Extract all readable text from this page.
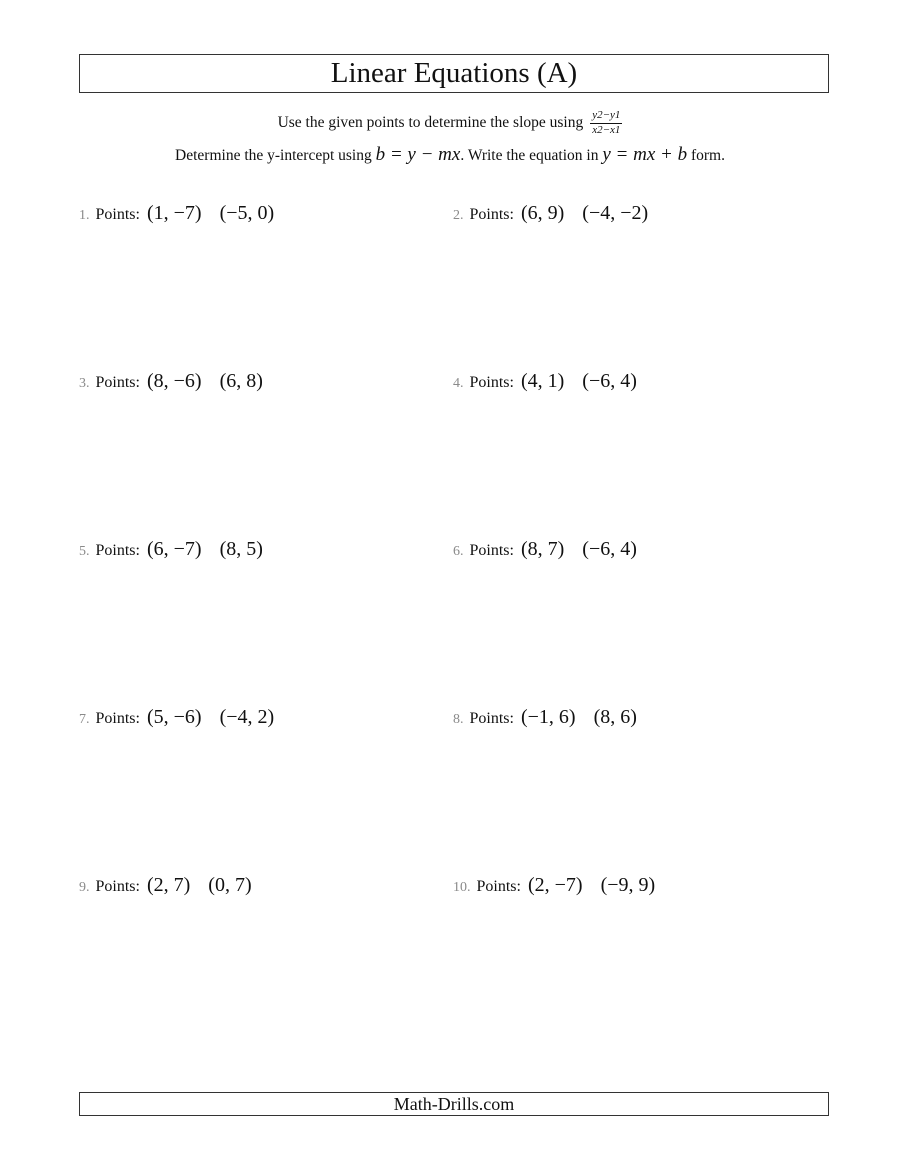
Linear Equations (A)
Use the given points to determine the slope using $\frac{y2-y1}{x2-x1}$
Determine the y-intercept using b = y − mx. Write the equation in y = mx + b form.
1. Points: (1, −7) (−5, 0)	2. Points: (6, 9) (−4, −2)
3. Points: (8, −6) (6, 8)	4. Points: (4, 1) (−6, 4)
5. Points: (6, −7) (8, 5)	6. Points: (8, 7) (−6, 4)
7. Points: (5, −6) (−4, 2)	8. Points: (−1, 6) (8, 6)
9. Points: (2, 7) (0, 7)	10. Points: (2, −7) (−9, 9)
Math-Drills.com
